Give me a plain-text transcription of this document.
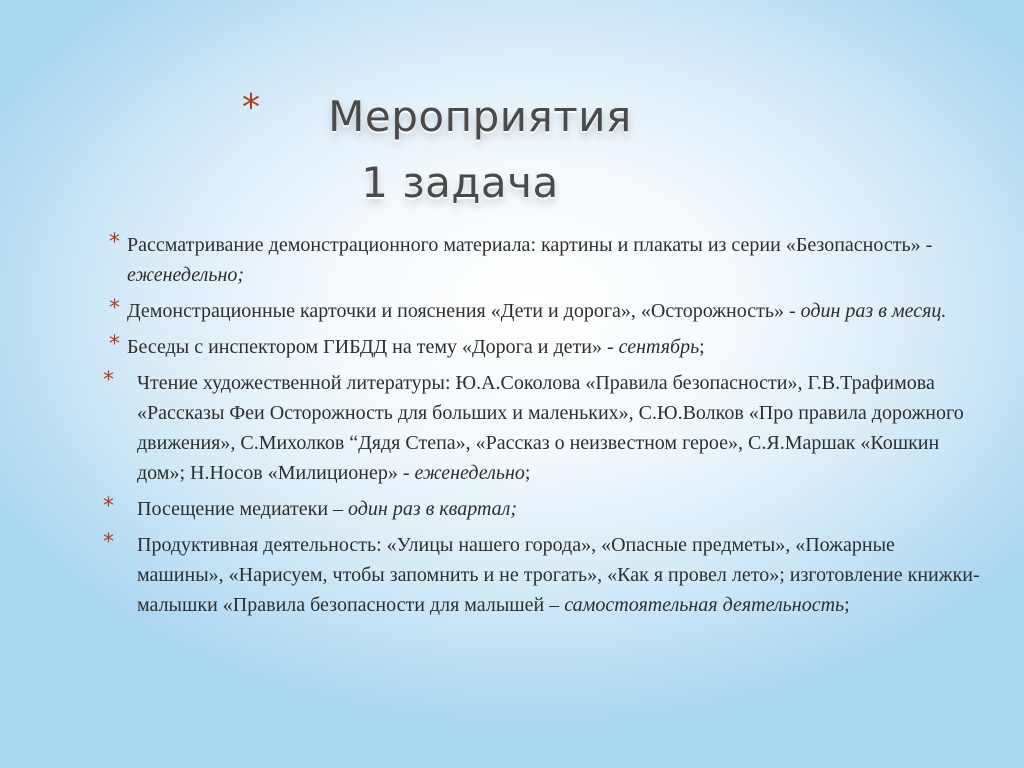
*	Мероприятия
1 задача
* Рассматривание демонстрационного материала: картины и плакаты из серии «Безопасность» - еженедельно;
* Демонстрационные карточки и пояснения «Дети и дорога», «Осторожность» - один раз в месяц.
* Беседы с инспектором ГИБДД на тему «Дорога и дети» - сентябрь;
*	Чтение художественной литературы: Ю.А.Соколова «Правила безопасности», Г.В.Трафимова «Рассказы Феи Осторожность для больших и маленьких», С.Ю.Волков «Про правила дорожного движения», С.Михолков “Дядя Степа», «Рассказ о неизвестном герое», С.Я.Маршак «Кошкин дом»; Н.Носов «Милиционер» - еженедельно;
*	Посещение медиатеки – один раз в квартал;
*	Продуктивная деятельность: «Улицы нашего города», «Опасные предметы», «Пожарные машины», «Нарисуем, чтобы запомнить и не трогать», «Как я провел лето»; изготовление книжки-малышки «Правила безопасности для малышей – самостоятельная деятельность;
